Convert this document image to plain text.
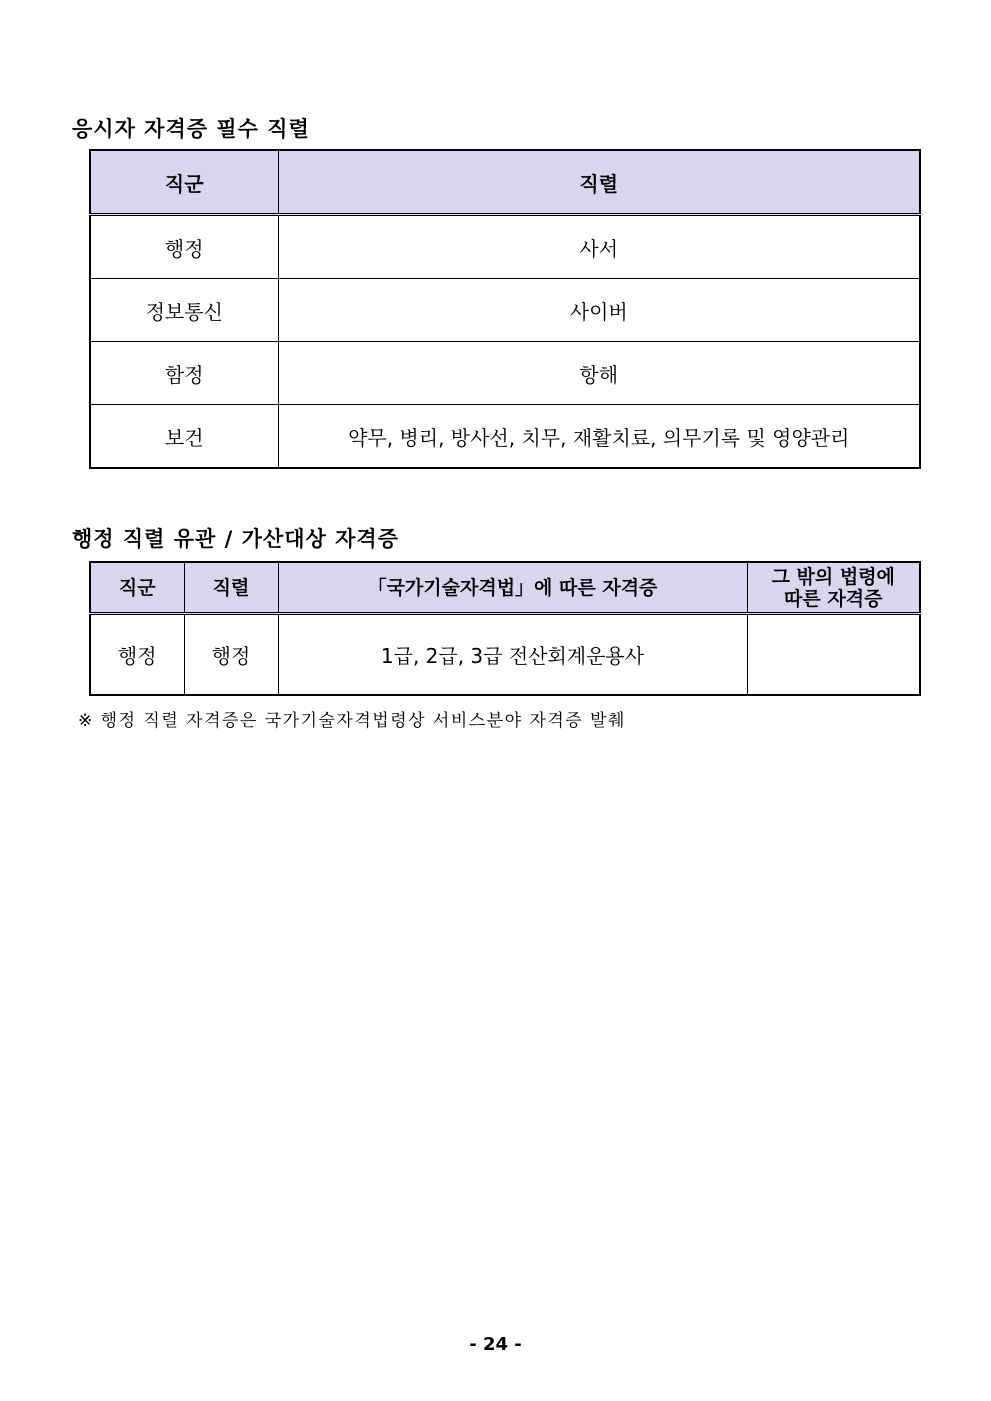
응시자 자격증 필수 직렬
직군	직렬
행정	사서
정보통신	사이버
함정	항해
보건	약무, 병리, 방사선, 치무, 재활치료, 의무기록 및 영양관리
행정 직렬 유관 / 가산대상 자격증
직군	직렬	「국가기술자격법」에 따른 자격증	그 밖의 법령에
따른 자격증

행정	행정	1급, 2급, 3급 전산회계운용사	
※ 행정 직렬 자격증은 국가기술자격법령상 서비스분야 자격증 발췌
- 24 -
